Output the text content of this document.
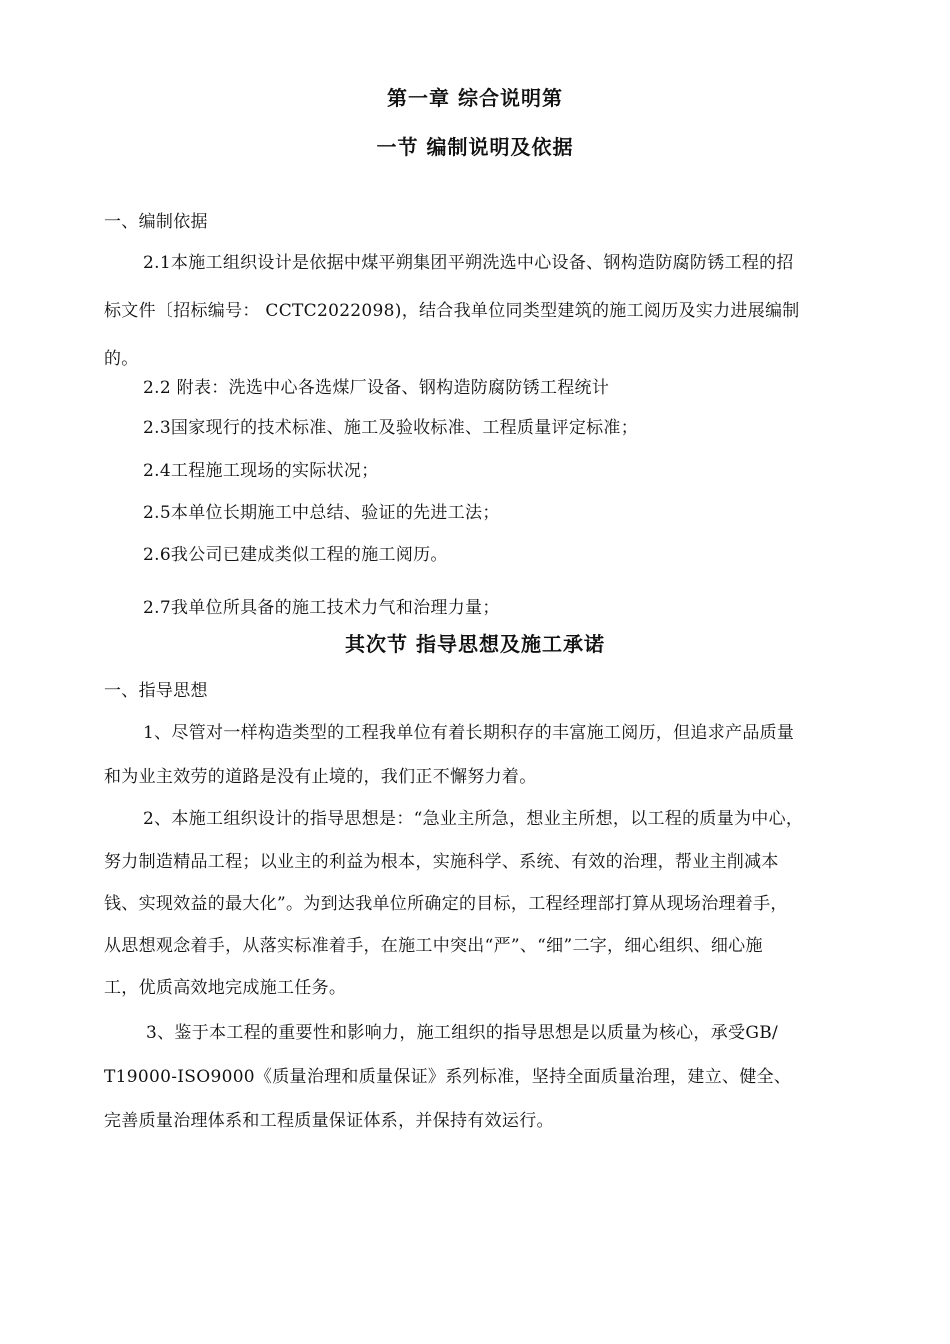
第一章 综合说明第
一节 编制说明及依据
一、编制依据
2.1本施工组织设计是依据中煤平朔集团平朔洗选中心设备、钢构造防腐防锈工程的招
标文件〔招标编号： CCTC2022098)，结合我单位同类型建筑的施工阅历及实力进展编制
的。
2.2 附表：洗选中心各选煤厂设备、钢构造防腐防锈工程统计
2.3国家现行的技术标准、施工及验收标准、工程质量评定标准；
2.4工程施工现场的实际状况；
2.5本单位长期施工中总结、验证的先进工法；
2.6我公司已建成类似工程的施工阅历。
2.7我单位所具备的施工技术力气和治理力量；
其次节 指导思想及施工承诺
一、指导思想
1、尽管对一样构造类型的工程我单位有着长期积存的丰富施工阅历，但追求产品质量
和为业主效劳的道路是没有止境的，我们正不懈努力着。
2、本施工组织设计的指导思想是：“急业主所急，想业主所想，以工程的质量为中心，
努力制造精品工程；以业主的利益为根本，实施科学、系统、有效的治理，帮业主削减本
钱、实现效益的最大化”。为到达我单位所确定的目标，工程经理部打算从现场治理着手，
从思想观念着手，从落实标准着手，在施工中突出“严”、“细”二字，细心组织、细心施
工，优质高效地完成施工任务。
3、鉴于本工程的重要性和影响力，施工组织的指导思想是以质量为核心，承受GB/
T19000-ISO9000《质量治理和质量保证》系列标准，坚持全面质量治理，建立、健全、
完善质量治理体系和工程质量保证体系，并保持有效运行。
